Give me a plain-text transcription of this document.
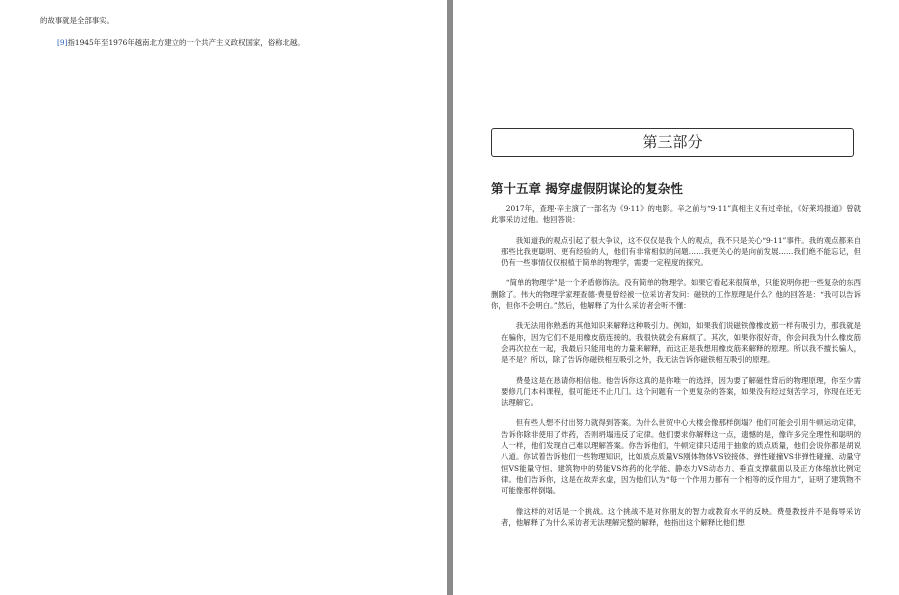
的故事就是全部事实。
[9]指1945年至1976年越南北方建立的一个共产主义政权国家，俗称北越。
第三部分
第十五章 揭穿虚假阴谋论的复杂性

2017年，查理·辛主演了一部名为《9·11》的电影。辛之前与“9·11”真相主义有过牵扯，《好莱坞报道》曾就此事采访过他。他回答说：

我知道我的观点引起了很大争议，这不仅仅是我个人的观点，我不只是关心“9·11”事件。我的观点都来自那些比我更聪明、更有经验的人，他们有非常相似的问题……我更关心的是向前发展……我们绝不能忘记，但仍有一些事情仅仅根植于简单的物理学，需要一定程度的探究。

“简单的物理学”是一个矛盾修饰法。没有简单的物理学。如果它看起来很简单，只能说明你把一些复杂的东西删除了。伟大的物理学家理查德·费曼曾经被一位采访者发问：磁铁的工作原理是什么？他的回答是：“我可以告诉你，但你不会明白。”然后，他解释了为什么采访者会听不懂：

我无法用你熟悉的其他知识来解释这种吸引力。例如，如果我们说磁铁像橡皮筋一样有吸引力，那我就是在骗你，因为它们不是用橡皮筋连接的。我很快就会有麻烦了。其次，如果你很好奇，你会问我为什么橡皮筋会再次拉在一起，我最后只能用电的力量来解释，而这正是我想用橡皮筋来解释的原理。所以我不擅长骗人，是不是？所以，除了告诉你磁铁相互吸引之外，我无法告诉你磁铁相互吸引的原理。

费曼这是在恳请你相信他。他告诉你这真的是你唯一的选择，因为要了解磁性背后的物理原理，你至少需要修几门本科课程，很可能还不止几门。这个问题有一个更复杂的答案，如果没有经过刻苦学习，你现在还无法理解它。

但有些人想不付出努力就得到答案。为什么世贸中心大楼会像那样倒塌？他们可能会引用牛顿运动定律，告诉你除非使用了炸药，否则坍塌违反了定律。他们要求你解释这一点，遗憾的是，像许多完全理性和聪明的人一样，他们发现自己难以理解答案。你告诉他们，牛顿定律只适用于抽象的质点质量，他们会说你都是胡说八道。你试着告诉他们一些物理知识，比如质点质量VS刚体物体VS铰接体、弹性碰撞VS非弹性碰撞、动量守恒VS能量守恒、建筑物中的势能VS炸药的化学能、静态力VS动态力、垂直支撑截面以及正方体缩放比例定律。他们告诉你，这是在故弄玄虚，因为他们认为“每一个作用力都有一个相等的反作用力”，证明了建筑物不可能像那样倒塌。

像这样的对话是一个挑战。这个挑战不是对你朋友的智力或教育水平的反映。费曼教授并不是侮辱采访者，他解释了为什么采访者无法理解完整的解释，他指出这个解释比他们想
